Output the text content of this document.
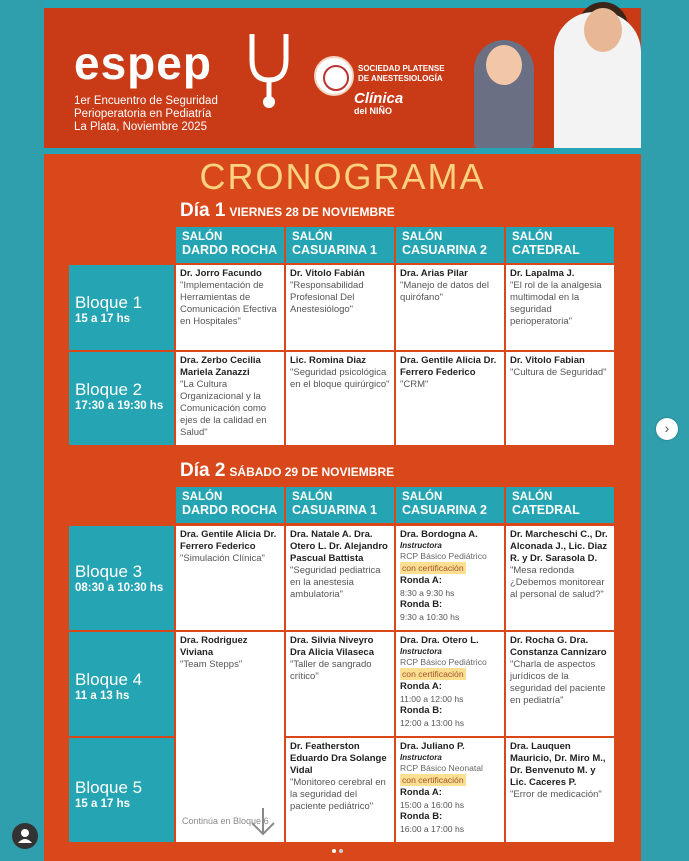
espep
1er Encuentro de Seguridad
Perioperatoria en Pediatría
La Plata, Noviembre 2025
SOCIEDAD PLATENSE
DE ANESTESIOLOGÍA
Clínica
del NIÑO
CRONOGRAMA
Día 1 VIERNES 28 DE NOVIEMBRE
SALÓN
DARDO ROCHA
SALÓN
CASUARINA 1
SALÓN
CASUARINA 2
SALÓN
CATEDRAL
Bloque 1
15 a 17 hs
Dr. Jorro Facundo
"Implementación de Herramientas de Comunicación Efectiva en Hospitales"
Dr. Vitolo Fabián
"Responsabilidad Profesional Del Anestesiólogo"
Dra. Arias Pilar
"Manejo de datos del quirófano"
Dr. Lapalma J.
"El rol de la analgesia multimodal en la seguridad perioperatoria"
Bloque 2
17:30 a 19:30 hs
Dra. Zerbo Cecilia Mariela Zanazzi
"La Cultura Organizacional y la Comunicación como ejes de la calidad en Salud"
Lic. Romina Diaz
"Seguridad psicológica en el bloque quirúrgico"
Dra. Gentile Alicia Dr. Ferrero Federico
"CRM"
Dr. Vitolo Fabian
"Cultura de Seguridad"
Día 2 SÁBADO 29 DE NOVIEMBRE
SALÓN
DARDO ROCHA
SALÓN
CASUARINA 1
SALÓN
CASUARINA 2
SALÓN
CATEDRAL
Bloque 3
08:30 a 10:30 hs
Dra. Gentile Alicia Dr. Ferrero Federico
"Simulación Clínica"
Dra. Natale A. Dra. Otero L. Dr. Alejandro Pascual Battista
"Seguridad pediatrica en la anestesia ambulatoria"
Dra. Bordogna A.
Instructora
RCP Básico Pediátrico
con certificación
Ronda A:
8:30 a 9:30 hs
Ronda B:
9:30 a 10:30 hs
Dr. Marcheschi C., Dr. Alconada J., Lic. Diaz R. y Dr. Sarasola D.
"Mesa redonda ¿Debemos monitorear al personal de salud?"
Bloque 4
11 a 13 hs
Dra. Rodriguez Viviana
"Team Stepps"
Dra. Silvia Niveyro Dra Alicia Vilaseca
"Taller de sangrado crítico"
Dra. Dra. Otero L.
Instructora
RCP Básico Pediátrico
con certificación
Ronda A:
11:00 a 12:00 hs
Ronda B:
12:00 a 13:00 hs
Dr. Rocha G. Dra. Constanza Cannizaro
"Charla de aspectos jurídicos de la seguridad del paciente en pediatría"
Bloque 5
15 a 17 hs
Continúa en Bloque 6
Dr. Featherston Eduardo Dra Solange Vidal
"Monitoreo cerebral en la seguridad del paciente pediátrico"
Dra. Juliano P.
Instructora
RCP Básico Neonatal
con certificación
Ronda A:
15:00 a 16:00 hs
Ronda B:
16:00 a 17:00 hs
Dra. Lauquen Mauricio, Dr. Miro M., Dr. Benvenuto M. y Lic. Caceres P.
"Error de medicación"
›
